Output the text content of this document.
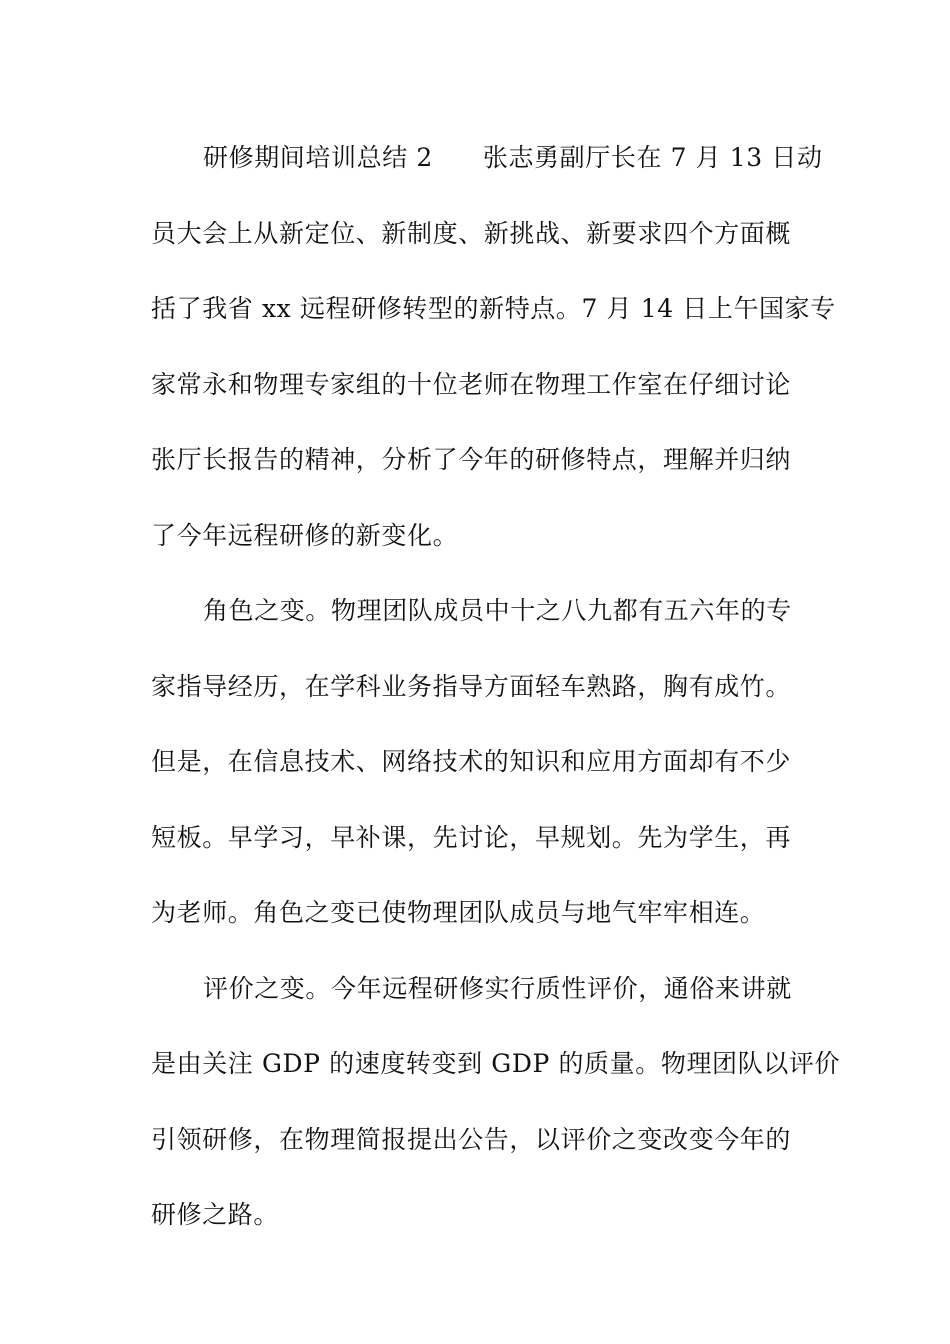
研修期间培训总结 2 张志勇副厅长在 7 月 13 日动
员大会上从新定位、新制度、新挑战、新要求四个方面概
括了我省 xx 远程研修转型的新特点。7 月 14 日上午国家专
家常永和物理专家组的十位老师在物理工作室在仔细讨论
张厅长报告的精神，分析了今年的研修特点，理解并归纳
了今年远程研修的新变化。
角色之变。物理团队成员中十之八九都有五六年的专
家指导经历，在学科业务指导方面轻车熟路，胸有成竹。
但是，在信息技术、网络技术的知识和应用方面却有不少
短板。早学习，早补课，先讨论，早规划。先为学生，再
为老师。角色之变已使物理团队成员与地气牢牢相连。
评价之变。今年远程研修实行质性评价，通俗来讲就
是由关注 GDP 的速度转变到 GDP 的质量。物理团队以评价
引领研修，在物理简报提出公告，以评价之变改变今年的
研修之路。
